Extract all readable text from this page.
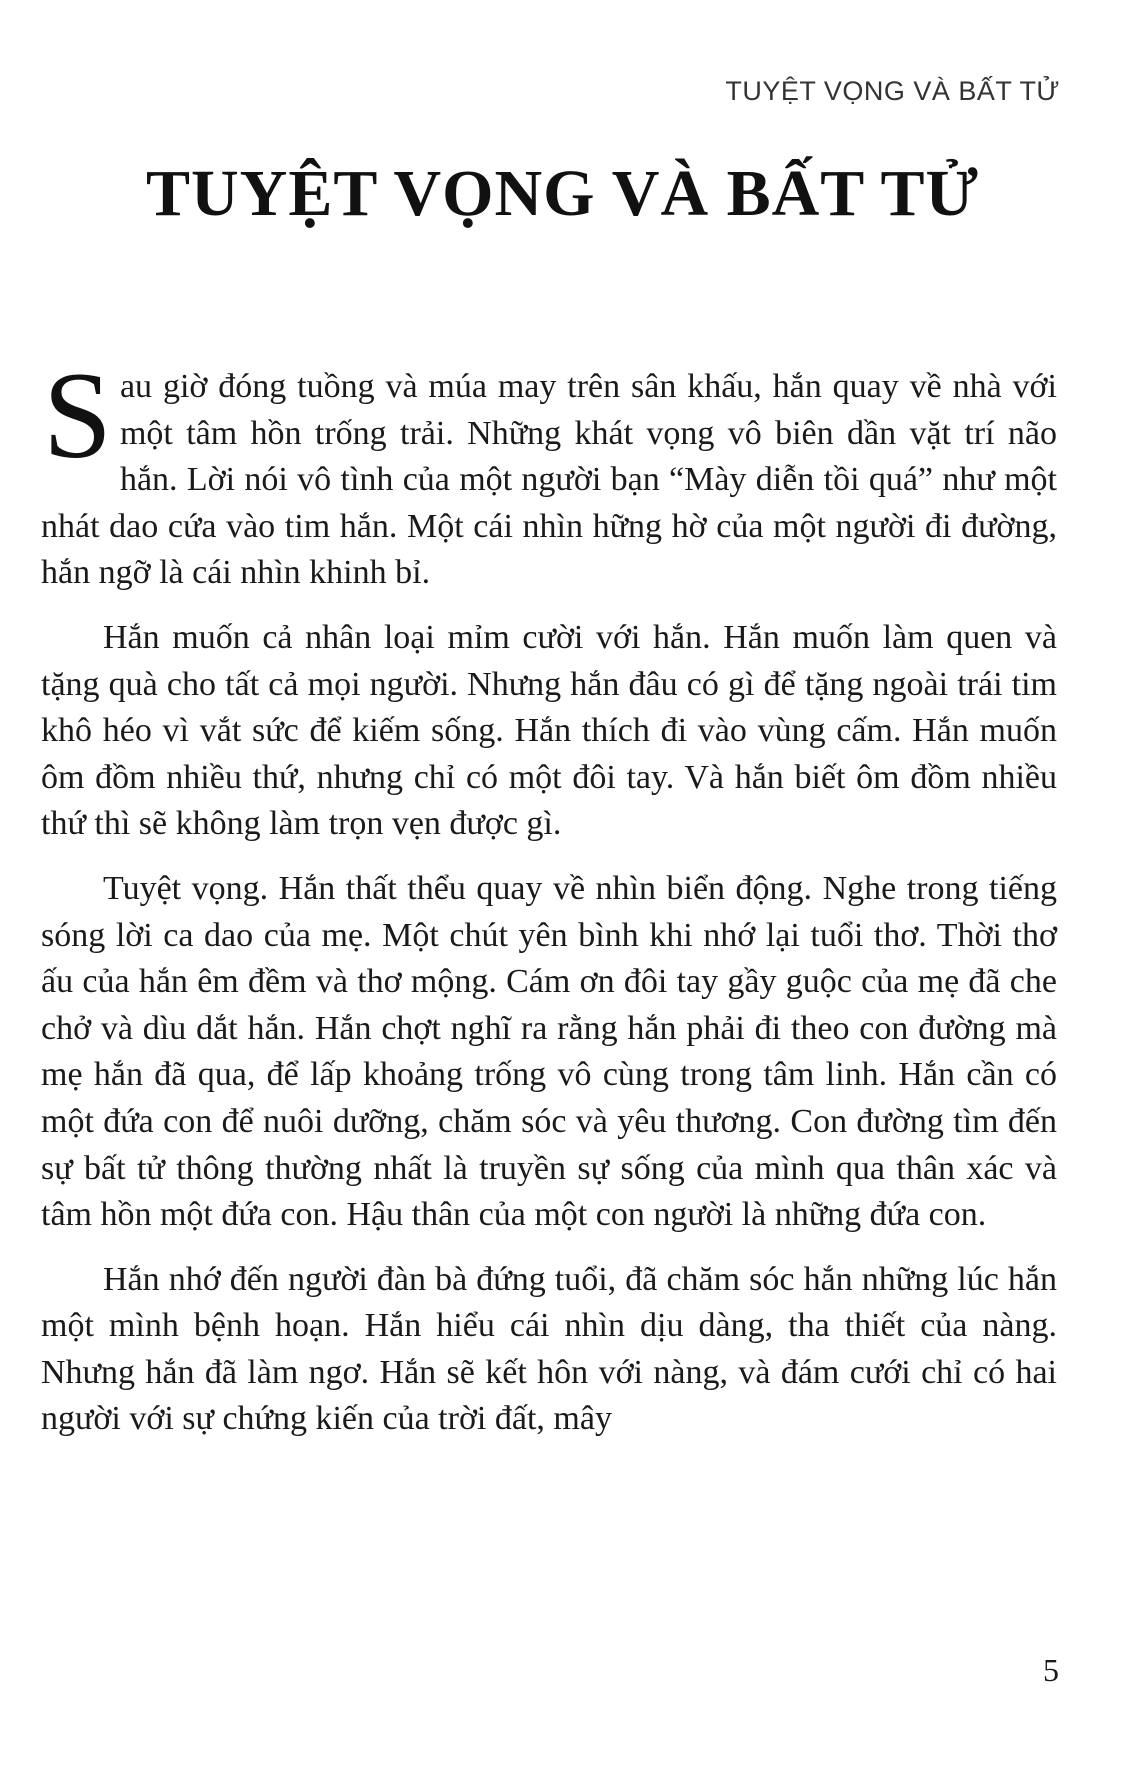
TUYỆT VỌNG VÀ BẤT TỬ
TUYỆT VỌNG VÀ BẤT TỬ

Sau giờ đóng tuồng và múa may trên sân khấu, hắn quay về nhà với một tâm hồn trống trải. Những khát vọng vô biên dần vặt trí não hắn. Lời nói vô tình của một người bạn “Mày diễn tồi quá” như một nhát dao cứa vào tim hắn. Một cái nhìn hững hờ của một người đi đường, hắn ngỡ là cái nhìn khinh bỉ.

Hắn muốn cả nhân loại mỉm cười với hắn. Hắn muốn làm quen và tặng quà cho tất cả mọi người. Nhưng hắn đâu có gì để tặng ngoài trái tim khô héo vì vắt sức để kiếm sống. Hắn thích đi vào vùng cấm. Hắn muốn ôm đồm nhiều thứ, nhưng chỉ có một đôi tay. Và hắn biết ôm đồm nhiều thứ thì sẽ không làm trọn vẹn được gì.

Tuyệt vọng. Hắn thất thểu quay về nhìn biển động. Nghe trong tiếng sóng lời ca dao của mẹ. Một chút yên bình khi nhớ lại tuổi thơ. Thời thơ ấu của hắn êm đềm và thơ mộng. Cám ơn đôi tay gầy guộc của mẹ đã che chở và dìu dắt hắn. Hắn chợt nghĩ ra rằng hắn phải đi theo con đường mà mẹ hắn đã qua, để lấp khoảng trống vô cùng trong tâm linh. Hắn cần có một đứa con để nuôi dưỡng, chăm sóc và yêu thương. Con đường tìm đến sự bất tử thông thường nhất là truyền sự sống của mình qua thân xác và tâm hồn một đứa con. Hậu thân của một con người là những đứa con.

Hắn nhớ đến người đàn bà đứng tuổi, đã chăm sóc hắn những lúc hắn một mình bệnh hoạn. Hắn hiểu cái nhìn dịu dàng, tha thiết của nàng. Nhưng hắn đã làm ngơ. Hắn sẽ kết hôn với nàng, và đám cưới chỉ có hai người với sự chứng kiến của trời đất, mây

5
